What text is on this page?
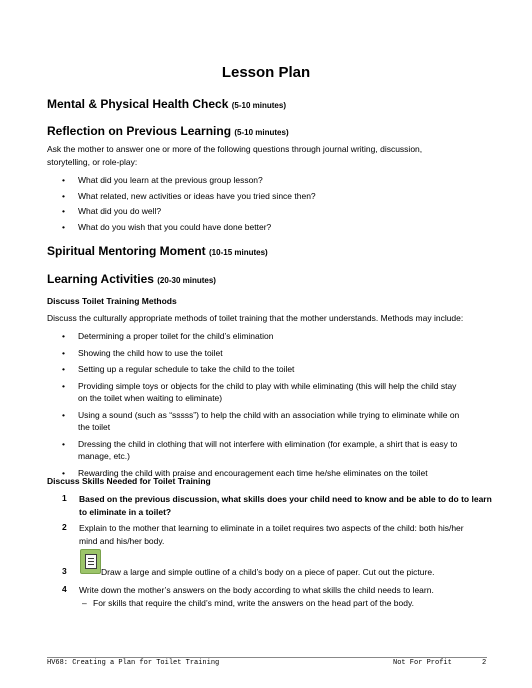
Lesson Plan
Mental & Physical Health Check (5-10 minutes)
Reflection on Previous Learning (5-10 minutes)
Ask the mother to answer one or more of the following questions through journal writing, discussion,
storytelling, or role-play:
• What did you learn at the previous group lesson?
• What related, new activities or ideas have you tried since then?
• What did you do well?
• What do you wish that you could have done better?
Spiritual Mentoring Moment (10-15 minutes)
Learning Activities (20-30 minutes)
Discuss Toilet Training Methods
Discuss the culturally appropriate methods of toilet training that the mother understands. Methods may include:
• Determining a proper toilet for the child’s elimination
• Showing the child how to use the toilet
• Setting up a regular schedule to take the child to the toilet
• Providing simple toys or objects for the child to play with while eliminating (this will help the child stay
on the toilet when waiting to eliminate)
• Using a sound (such as “sssss”) to help the child with an association while trying to eliminate while on
the toilet
• Dressing the child in clothing that will not interfere with elimination (for example, a shirt that is easy to
manage, etc.)
• Rewarding the child with praise and encouragement each time he/she eliminates on the toilet
Discuss Skills Needed for Toilet Training
1 Based on the previous discussion, what skills does your child need to know and be able to do to learn
to eliminate in a toilet?
2 Explain to the mother that learning to eliminate in a toilet requires two aspects of the child: both his/her
mind and his/her body.
3	Draw a large and simple outline of a child’s body on a piece of paper. Cut out the picture.
4 Write down the mother’s answers on the body according to what skills the child needs to learn.
– For skills that require the child’s mind, write the answers on the head part of the body.
HV68: Creating a Plan for Toilet Training	Not For Profit	2
